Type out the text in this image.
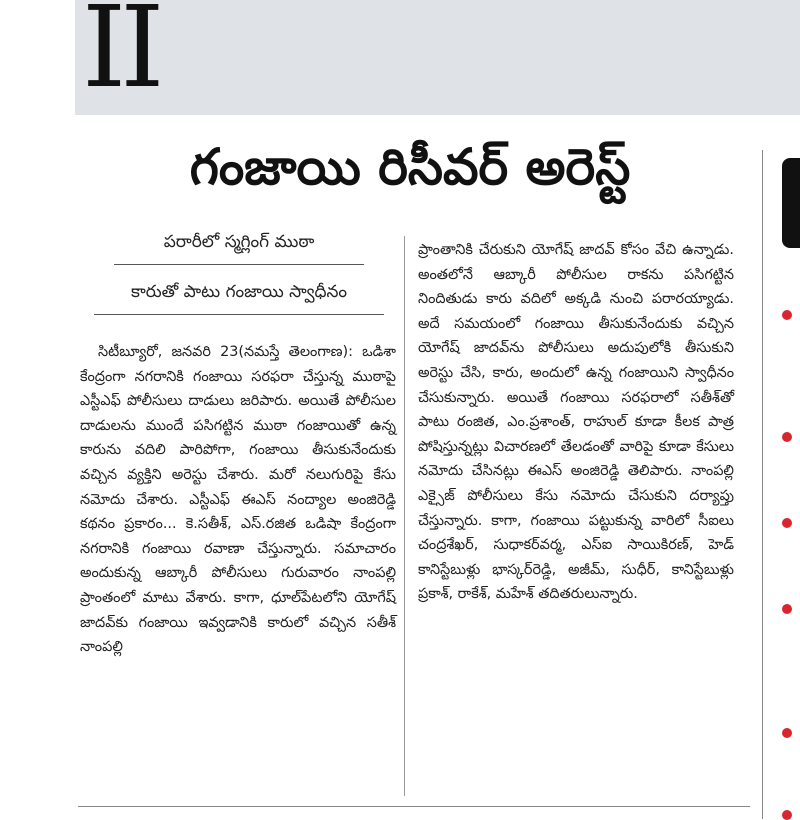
II
గంజాయి రిసీవర్ అరెస్ట్
పరారీలో స్మగ్లింగ్ ముఠా
కారుతో పాటు గంజాయి స్వాధీనం
సిటీబ్యూరో, జనవరి 23(నమస్తే తెలంగాణ): ఒడిశా కేంద్రంగా నగరానికి గంజాయి సరఫరా చేస్తున్న ముఠాపై ఎస్టీఎఫ్ పోలీసులు దాడులు జరిపారు. అయితే పోలీసుల దాడులను ముందే పసిగట్టిన ముఠా గంజాయితో ఉన్న కారును వదిలి పారిపోగా, గంజాయి తీసుకునేందుకు వచ్చిన వ్యక్తిని అరెస్టు చేశారు. మరో నలుగురిపై కేసు నమోదు చేశారు. ఎస్టీఎఫ్ ఈఎస్ నంద్యాల అంజిరెడ్డి కథనం ప్రకారం... కె.సతీశ్, ఎస్.రజిత ఒడిషా కేంద్రంగా నగరానికి గంజాయి రవాణా చేస్తున్నారు. సమాచారం అందుకున్న ఆబ్కారీ పోలీసులు గురువారం నాంపల్లి ప్రాంతంలో మాటు వేశారు. కాగా, ధూల్‌పేటలోని యోగేష్ జాదవ్‌కు గంజాయి ఇవ్వడానికి కారులో వచ్చిన సతీశ్ నాంపల్లి
ప్రాంతానికి చేరుకుని యోగేష్ జాదవ్ కోసం వేచి ఉన్నాడు. అంతలోనే ఆబ్కారీ పోలీసుల రాకను పసిగట్టిన నిందితుడు కారు వదిలో అక్కడి నుంచి పరారయ్యాడు. అదే సమయంలో గంజాయి తీసుకునేందుకు వచ్చిన యోగేష్ జాదవ్‌ను పోలీసులు అదుపులోకి తీసుకుని అరెస్టు చేసి, కారు, అందులో ఉన్న గంజాయిని స్వాధీనం చేసుకున్నారు. అయితే గంజాయి సరఫరాలో సతీశ్‌తో పాటు రంజిత, ఎం.ప్రశాంత్, రాహుల్ కూడా కీలక పాత్ర పోషిస్తున్నట్లు విచారణలో తేలడంతో వారిపై కూడా కేసులు నమోదు చేసినట్లు ఈఎస్ అంజిరెడ్డి తెలిపారు. నాంపల్లి ఎక్సైజ్ పోలీసులు కేసు నమోదు చేసుకుని దర్యాప్తు చేస్తున్నారు. కాగా, గంజాయి పట్టుకున్న వారిలో సీఐలు చంద్రశేఖర్, సుధాకర్‌వర్మ, ఎస్ఐ సాయికిరణ్, హెడ్ కానిస్టేబుళ్లు భాస్కర్‌రెడ్డి, అజీమ్, సుధీర్, కానిస్టేబుళ్లు ప్రకాశ్, రాకేశ్, మహేశ్ తదితరులున్నారు.
